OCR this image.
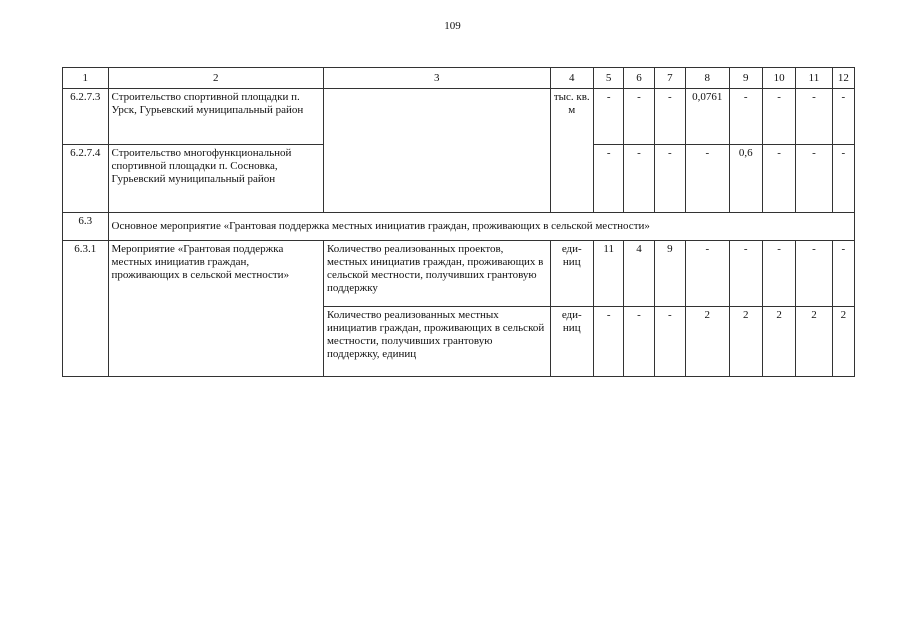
109
1	2	3	4	5	6	7	8	9	10	11	12
6.2.7.3	Строительство спортивной площадки п. Урск, Гурьевский муниципальный район		тыс. кв. м	-	-	-	0,0761	-	-	-	-
6.2.7.4	Строительство многофункциональной спортивной площадки п. Сосновка, Гурьевский муниципальный район			-	-	-	-	0,6	-	-	-
6.3	Основное мероприятие «Грантовая поддержка местных инициатив граждан, проживающих в сельской местности»										
6.3.1	Мероприятие «Грантовая поддержка местных инициатив граждан, проживающих в сельской местности»	Количество реализованных проектов, местных инициатив граждан, проживающих в сельской местности, получивших грантовую поддержку	еди- ниц	11	4	9	-	-	-	-	-
		Количество реализованных местных инициатив граждан, проживающих в сельской местности, получивших грантовую поддержку, единиц	еди- ниц	-	-	-	2	2	2	2	2
